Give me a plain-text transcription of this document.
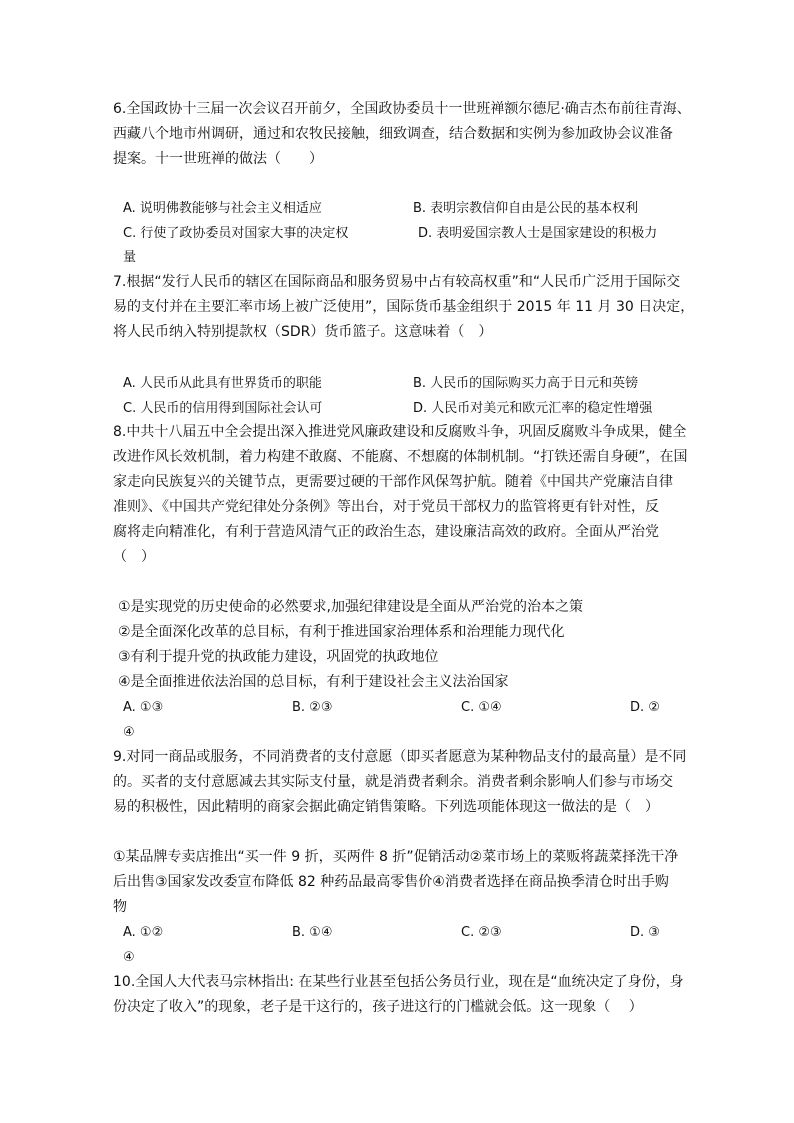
6.全国政协十三届一次会议召开前夕，全国政协委员十一世班禅额尔德尼·确吉杰布前往青海、
西藏八个地市州调研，通过和农牧民接触，细致调查，结合数据和实例为参加政协会议准备
提案。十一世班禅的做法（　　）
A. 说明佛教能够与社会主义相适应	B. 表明宗教信仰自由是公民的基本权利
C. 行使了政协委员对国家大事的决定权	D. 表明爱国宗教人士是国家建设的积极力
量
7.根据“发行人民币的辖区在国际商品和服务贸易中占有较高权重”和“人民币广泛用于国际交
易的支付并在主要汇率市场上被广泛使用”，国际货币基金组织于 2015 年 11 月 30 日决定，
将人民币纳入特别提款权（SDR）货币篮子。这意味着（　）
A. 人民币从此具有世界货币的职能	B. 人民币的国际购买力高于日元和英镑
C. 人民币的信用得到国际社会认可	D. 人民币对美元和欧元汇率的稳定性增强
8.中共十八届五中全会提出深入推进党风廉政建设和反腐败斗争，巩固反腐败斗争成果，健全
改进作风长效机制，着力构建不敢腐、不能腐、不想腐的体制机制。“打铁还需自身硬”，在国
家走向民族复兴的关键节点，更需要过硬的干部作风保驾护航。随着《中国共产党廉洁自律
准则》、《中国共产党纪律处分条例》等出台，对于党员干部权力的监管将更有针对性，反
腐将走向精准化，有利于营造风清气正的政治生态，建设廉洁高效的政府。全面从严治党
（　）
①是实现党的历史使命的必然要求,加强纪律建设是全面从严治党的治本之策
②是全面深化改革的总目标，有利于推进国家治理体系和治理能力现代化
③有利于提升党的执政能力建设，巩固党的执政地位
④是全面推进依法治国的总目标，有利于建设社会主义法治国家
A. ①③	B. ②③	C. ①④	D. ②
④
9.对同一商品或服务，不同消费者的支付意愿（即买者愿意为某种物品支付的最高量）是不同
的。买者的支付意愿减去其实际支付量，就是消费者剩余。消费者剩余影响人们参与市场交
易的积极性，因此精明的商家会据此确定销售策略。下列选项能体现这一做法的是（　）
①某品牌专卖店推出“买一件 9 折，买两件 8 折”促销活动②菜市场上的菜贩将蔬菜择洗干净
后出售③国家发改委宣布降低 82 种药品最高零售价④消费者选择在商品换季清仓时出手购
物
A. ①②	B. ①④	C. ②③	D. ③
④
10.全国人大代表马宗林指出: 在某些行业甚至包括公务员行业，现在是“血统决定了身份，身
份决定了收入”的现象，老子是干这行的，孩子进这行的门槛就会低。这一现象（　 ）
